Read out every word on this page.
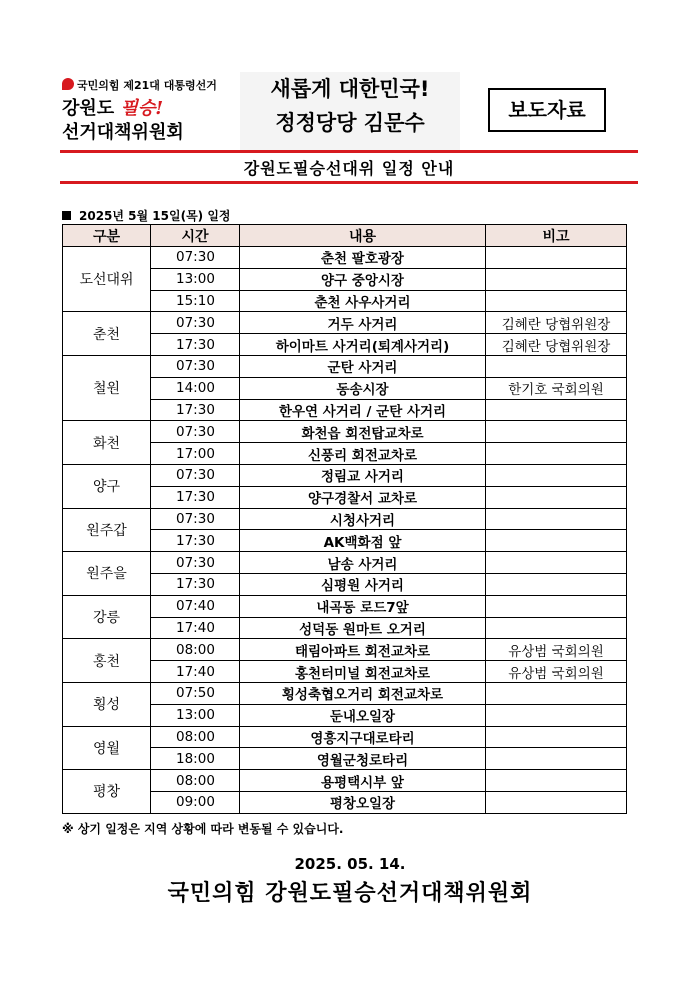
국민의힘 제21대 대통령선거
강원도 필승!
선거대책위원회
새롭게 대한민국!
정정당당 김문수
보도자료
강원도필승선대위 일정 안내
2025년 5월 15일(목) 일정
구분	시간	내용	비고
도선대위	07:30	춘천 팔호광장	
	13:00	양구 중앙시장	
	15:10	춘천 사우사거리	
춘천	07:30	거두 사거리	김혜란 당협위원장
	17:30	하이마트 사거리(퇴계사거리)	김혜란 당협위원장
철원	07:30	군탄 사거리	
	14:00	동송시장	한기호 국회의원
	17:30	한우연 사거리 / 군탄 사거리	
화천	07:30	화천읍 회전탑교차로	
	17:00	신풍리 회전교차로	
양구	07:30	정림교 사거리	
	17:30	양구경찰서 교차로	
원주갑	07:30	시청사거리	
	17:30	AK백화점 앞	
원주을	07:30	남송 사거리	
	17:30	심평원 사거리	
강릉	07:40	내곡동 로드7앞	
	17:40	성덕동 원마트 오거리	
홍천	08:00	태림아파트 회전교차로	유상범 국회의원
	17:40	홍천터미널 회전교차로	유상범 국회의원
횡성	07:50	횡성축협오거리 회전교차로	
	13:00	둔내오일장	
영월	08:00	영흥지구대로타리	
	18:00	영월군청로타리	
평창	08:00	용평택시부 앞	
	09:00	평창오일장	
※ 상기 일정은 지역 상황에 따라 변동될 수 있습니다.
2025. 05. 14.
국민의힘 강원도필승선거대책위원회
